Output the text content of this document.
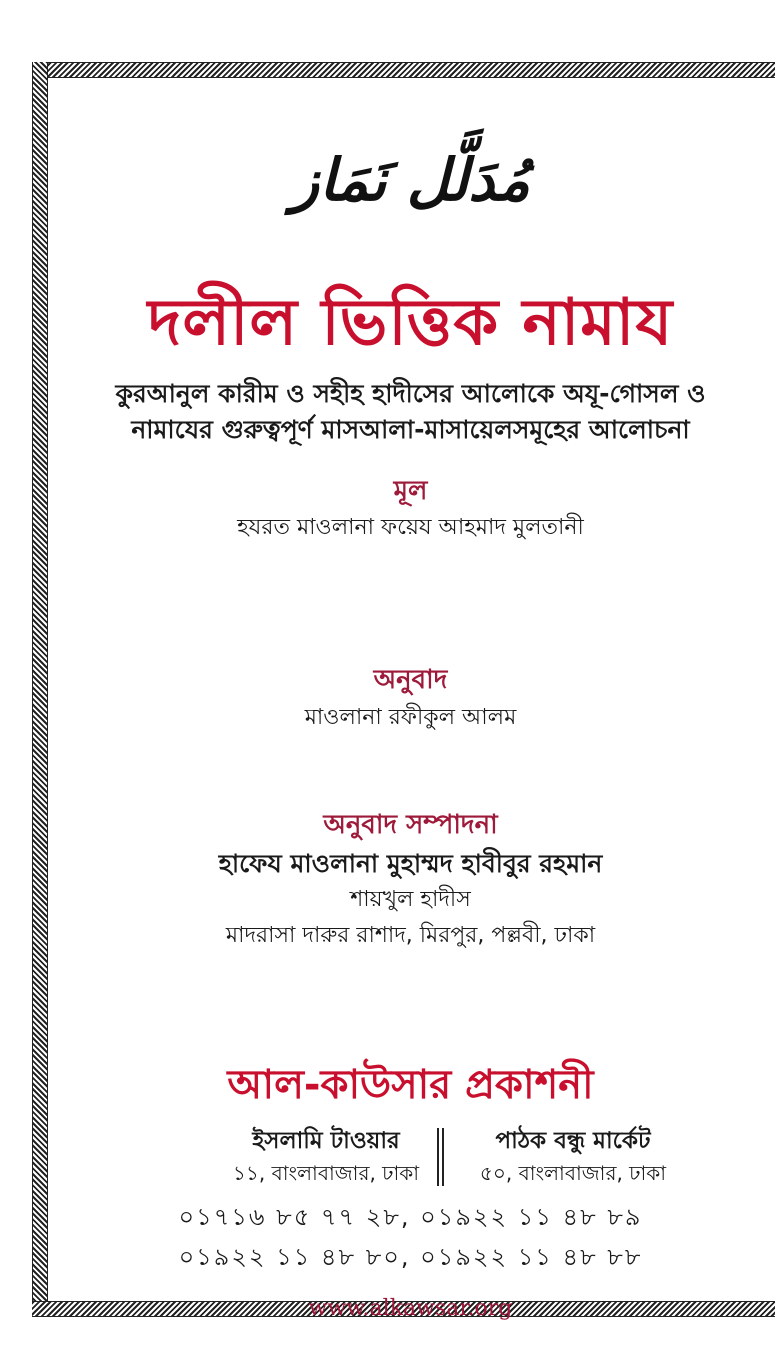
مُدَلَّل نَمَاز
দলীল ভিত্তিক নামায
কুরআনুল কারীম ও সহীহ হাদীসের আলোকে অযূ-গোসল ও
নামাযের গুরুত্বপূর্ণ মাসআলা-মাসায়েলসমূহের আলোচনা
মূল
হযরত মাওলানা ফয়েয আহমাদ মুলতানী
অনুবাদ
মাওলানা রফীকুল আলম
অনুবাদ সম্পাদনা
হাফেয মাওলানা মুহাম্মদ হাবীবুর রহমান
শায়খুল হাদীস
মাদরাসা দারুর রাশাদ, মিরপুর, পল্লবী, ঢাকা
আল-কাউসার প্রকাশনী
ইসলামি টাওয়ার
১১, বাংলাবাজার, ঢাকা
পাঠক বন্ধু মার্কেট
৫০, বাংলাবাজার, ঢাকা
০১৭১৬ ৮৫ ৭৭ ২৮, ০১৯২২ ১১ ৪৮ ৮৯
০১৯২২ ১১ ৪৮ ৮০, ০১৯২২ ১১ ৪৮ ৮৮
www.alkawsar.org
